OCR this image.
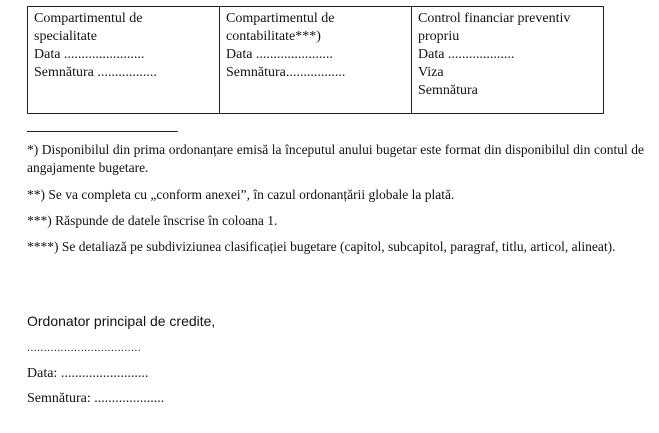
Compartimentul de
specialitate
Data .......................
Semnătura .................

Compartimentul de
contabilitate***)
Data ......................
Semnătura.................

Control financiar preventiv
propriu
Data ...................
Viza
Semnătura
*) Disponibilul din prima ordonanțare emisă la începutul anului bugetar este format din disponibilul din contul de angajamente bugetare.
**) Se va completa cu „conform anexei”, în cazul ordonanțării globale la plată.
***) Răspunde de datele înscrise în coloana 1.
****) Se detaliază pe subdiviziunea clasificației bugetare (capitol, subcapitol, paragraf, titlu, articol, alineat).
Ordonator principal de credite,
..................................
Data: .........................
Semnătura: ....................
